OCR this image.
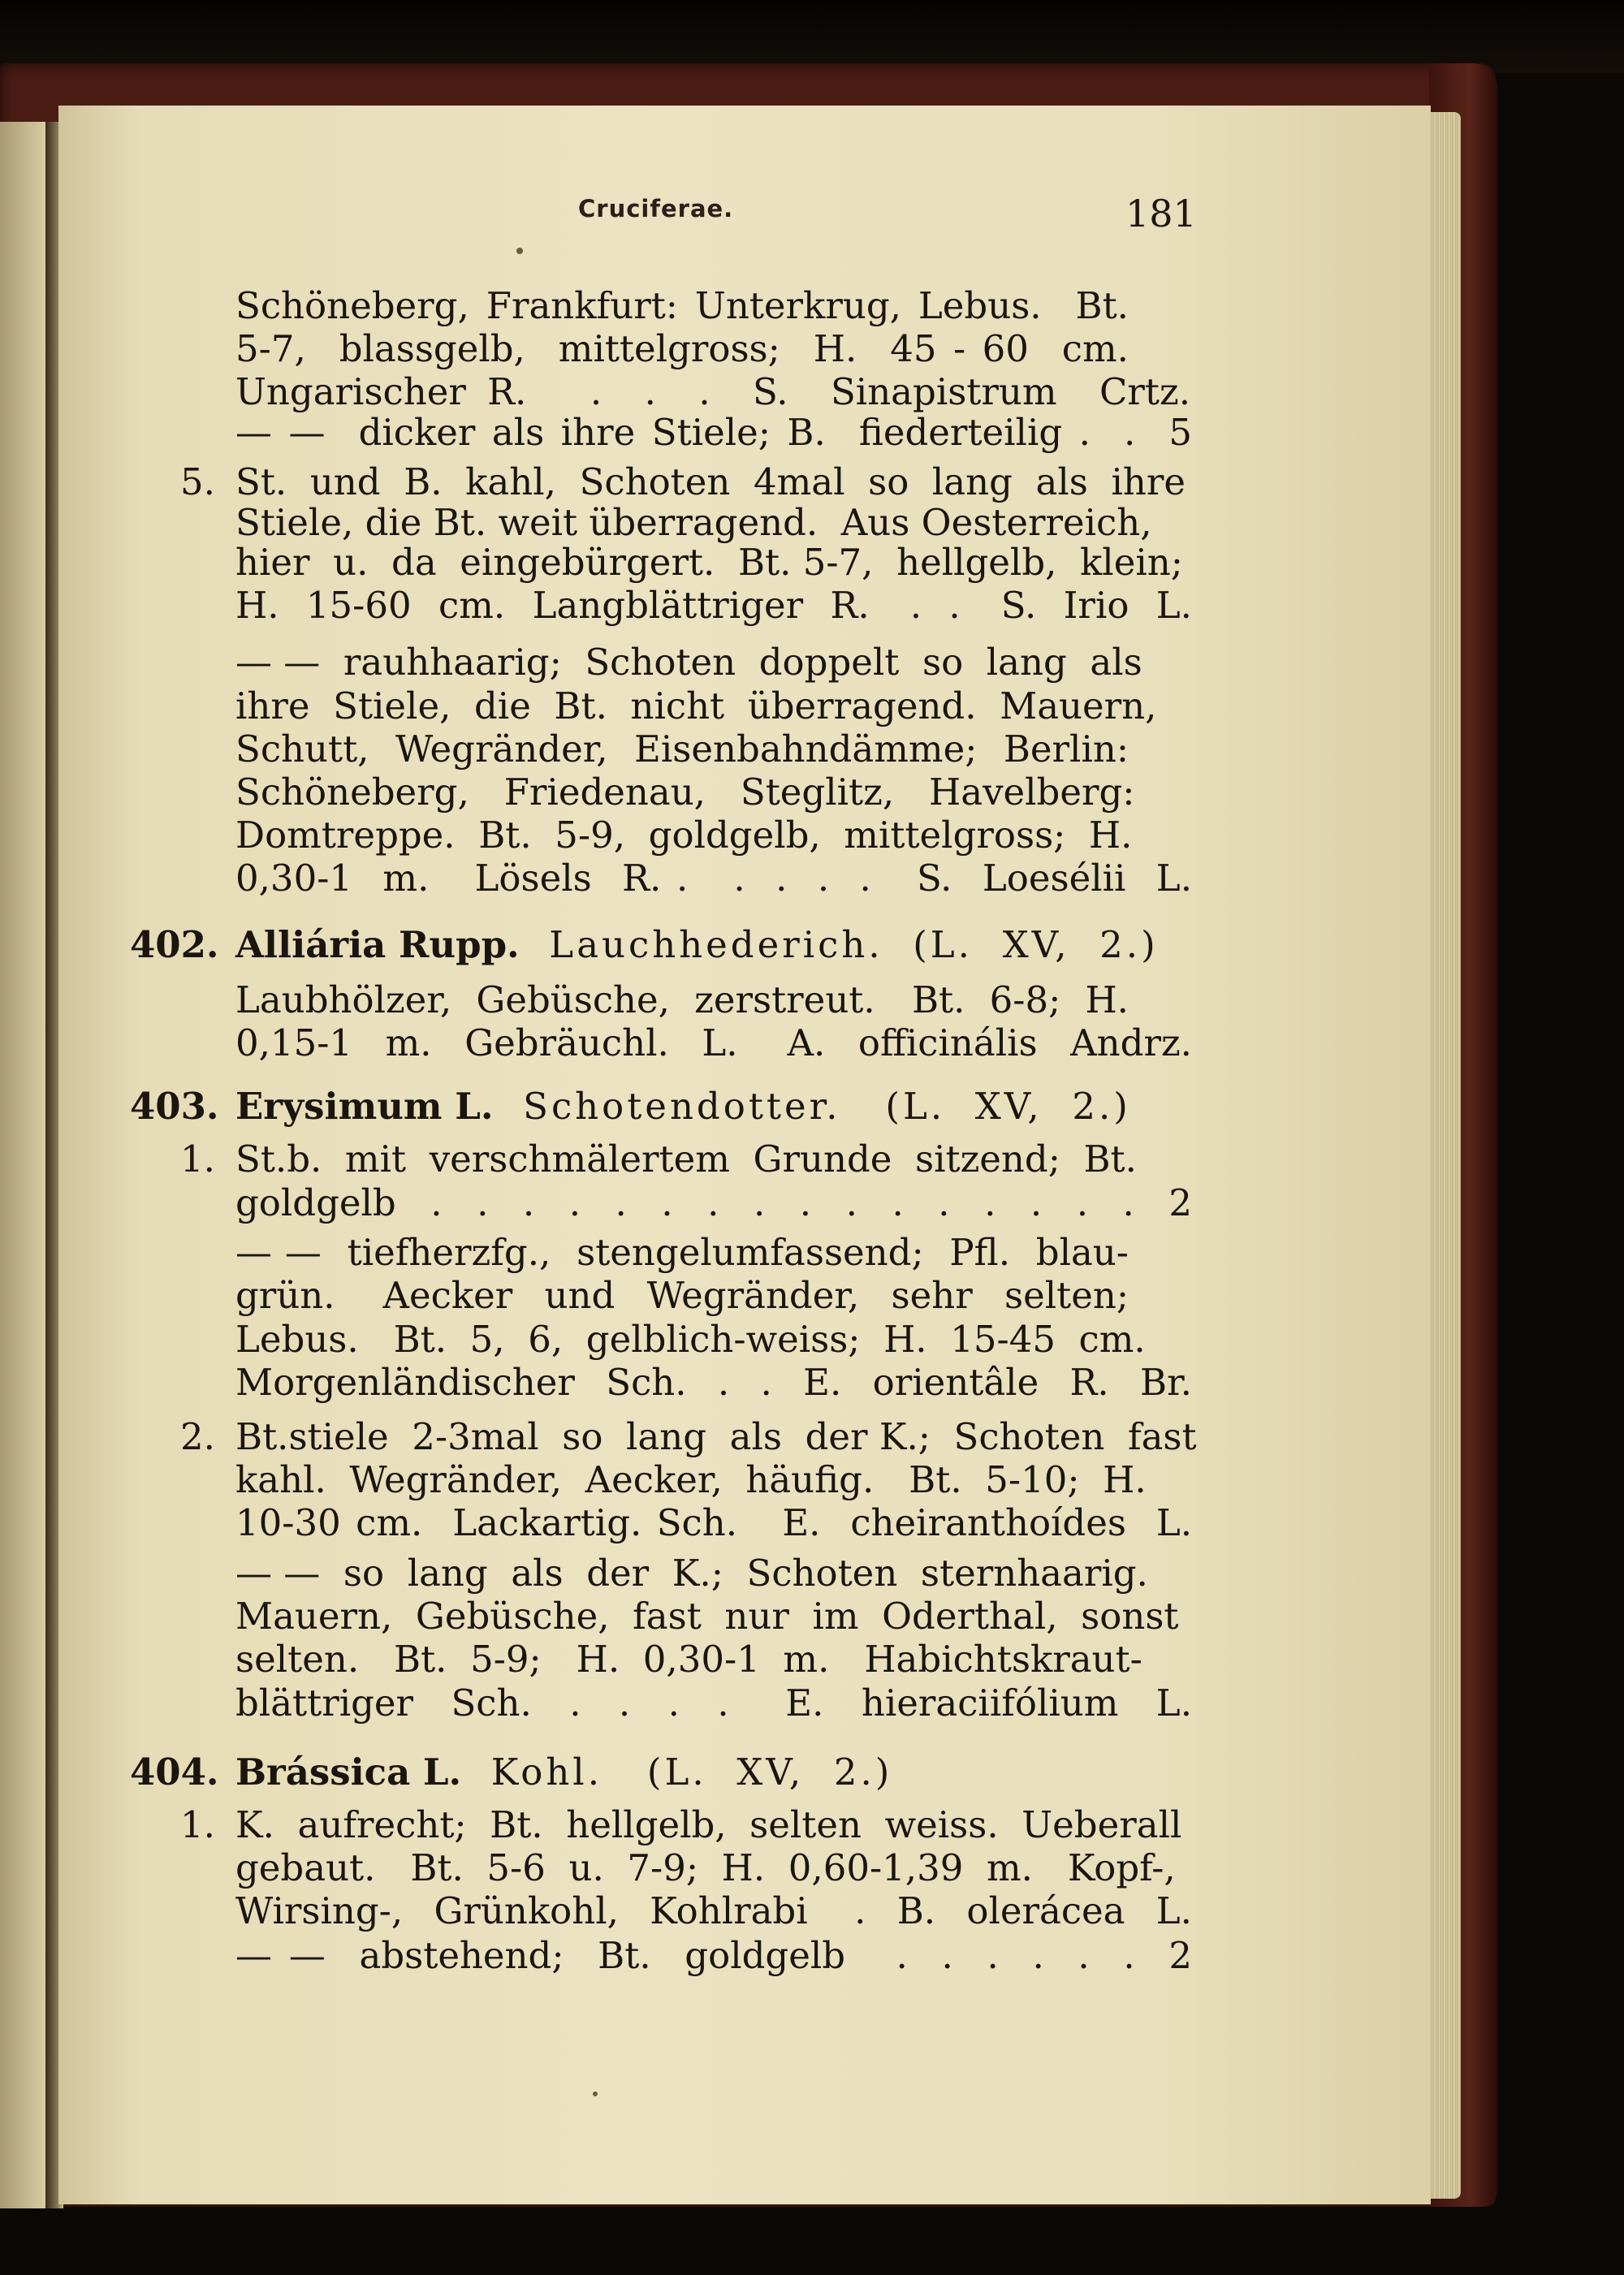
Cruciferae.	181
Schöneberg, Frankfurt: Unterkrug, Lebus.  Bt.
5-7,  blassgelb,  mittelgross;  H.  45 - 60  cm.
Ungarischer R.   .  .  .  S.  Sinapistrum  Crtz.
— —  dicker als ihre Stiele; B.  fiederteilig .  .  5
5. St.  und  B.  kahl,  Schoten  4mal  so  lang  als  ihre
Stiele, die Bt. weit überragend.  Aus Oesterreich,
hier  u.  da  eingebürgert.  Bt. 5-7,  hellgelb,  klein;
H.  15-60  cm.  Langblättriger  R.   .  .   S.  Irio  L.
— —  rauhhaarig;  Schoten  doppelt  so  lang  als
ihre  Stiele,  die  Bt.  nicht  überragend.  Mauern,
Schutt,  Wegränder,  Eisenbahndämme;  Berlin:
Schöneberg,   Friedenau,   Steglitz,   Havelberg:
Domtreppe.  Bt.  5-9,  goldgelb,  mittelgross;  H.
0,30-1  m.   Lösels  R. .   .  .  .  .   S.  Loesélii  L.
402. Alliária Rupp.  Lauchhederich.  (L.  XV,  2.)
Laubhölzer,  Gebüsche,  zerstreut.   Bt.  6-8;  H.
0,15-1  m.  Gebräuchl.  L.   A.  officinális  Andrz.
403. Erysimum L.  Schotendotter.   (L.  XV,  2.)
1. St.b.  mit  verschmälertem  Grunde  sitzend;  Bt.
goldgelb  .  .  .  .  .  .  .  .  .  .  .  .  .  .  .  .  2
— —  tiefherzfg.,  stengelumfassend;  Pfl.  blau-
grün.   Aecker  und  Wegränder,  sehr  selten;
Lebus.   Bt.  5,  6,  gelblich-weiss;  H.  15-45  cm.
Morgenländischer  Sch.  .  .  E.  orientâle  R.  Br.
2. Bt.stiele  2-3mal  so  lang  als  der K.;  Schoten  fast
kahl.  Wegränder,  Aecker,  häufig.   Bt.  5-10;  H.
10-30 cm.  Lackartig. Sch.   E.  cheiranthoídes  L.
— —  so  lang  als  der  K.;  Schoten  sternhaarig.
Mauern,  Gebüsche,  fast  nur  im  Oderthal,  sonst
selten.   Bt.  5-9;   H.  0,30-1  m.   Habichtskraut-
blättriger  Sch.  .  .  .  .   E.  hieraciifólium  L.
404. Brássica L.  Kohl.   (L.  XV,  2.)
1. K.  aufrecht;  Bt.  hellgelb,  selten  weiss.  Ueberall
gebaut.   Bt.  5-6  u.  7-9;  H.  0,60-1,39  m.   Kopf-,
Wirsing-,  Grünkohl,  Kohlrabi   .  B.  olerácea  L.
— —  abstehend;  Bt.  goldgelb   .  .  .  .  .  .  2
